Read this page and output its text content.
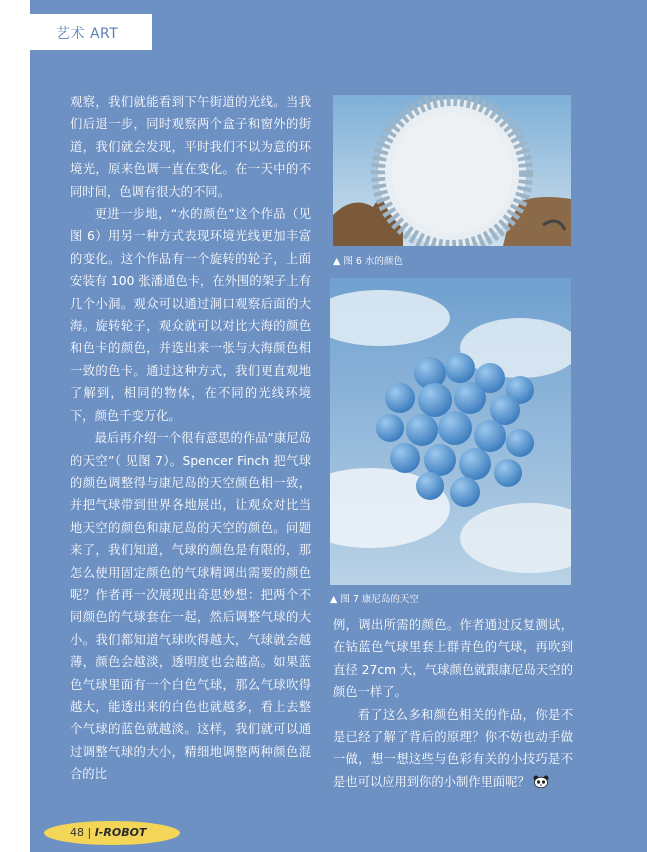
艺术 ART

观察，我们就能看到下午街道的光线。当我们后退一步，同时观察两个盒子和窗外的街道，我们就会发现，平时我们不以为意的环境光，原来色调一直在变化。在一天中的不同时间，色调有很大的不同。

更进一步地，“水的颜色”这个作品（见图 6）用另一种方式表现环境光线更加丰富的变化。这个作品有一个旋转的轮子，上面安装有 100 张潘通色卡，在外围的架子上有几个小洞。观众可以通过洞口观察后面的大海。旋转轮子，观众就可以对比大海的颜色和色卡的颜色，并选出来一张与大海颜色相一致的色卡。通过这种方式，我们更直观地了解到，相同的物体，在不同的光线环境下，颜色千变万化。

最后再介绍一个很有意思的作品“康尼岛的天空”（ 见图 7）。Spencer Finch 把气球的颜色调整得与康尼岛的天空颜色相一致，并把气球带到世界各地展出，让观众对比当地天空的颜色和康尼岛的天空的颜色。问题来了，我们知道，气球的颜色是有限的，那怎么使用固定颜色的气球精调出需要的颜色呢？作者再一次展现出奇思妙想：把两个不同颜色的气球套在一起，然后调整气球的大小。我们都知道气球吹得越大，气球就会越薄，颜色会越淡，透明度也会越高。如果蓝色气球里面有一个白色气球，那么气球吹得越大，能透出来的白色也就越多，看上去整个气球的蓝色就越淡。这样，我们就可以通过调整气球的大小，精细地调整两种颜色混合的比

▲ 图 6 水的颜色
▲ 图 7 康尼岛的天空

例，调出所需的颜色。作者通过反复测试，在钴蓝色气球里套上群青色的气球，再吹到直径 27cm 大，气球颜色就跟康尼岛天空的颜色一样了。

看了这么多和颜色相关的作品，你是不是已经了解了背后的原理？你不妨也动手做一做，想一想这些与色彩有关的小技巧是不是也可以应用到你的小制作里面呢？

48 | I-ROBOT
